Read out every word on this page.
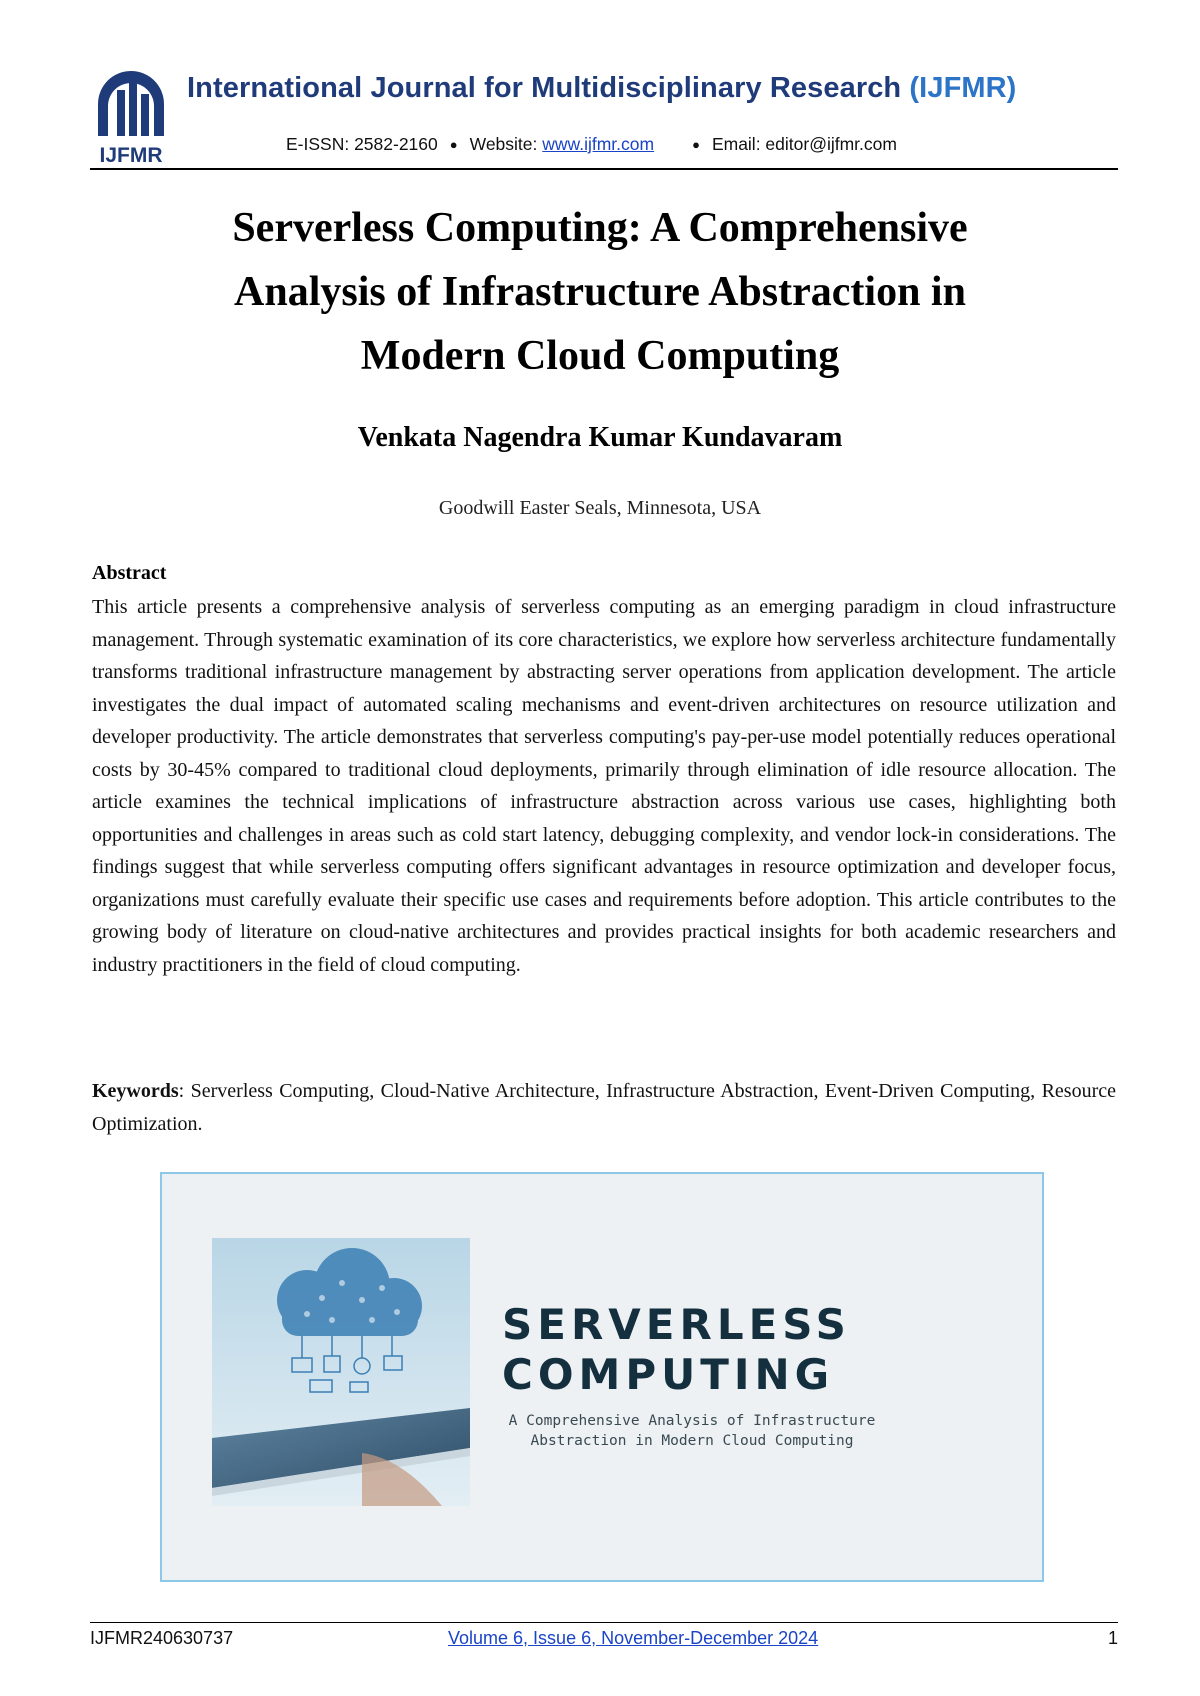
IJFMR
International Journal for Multidisciplinary Research (IJFMR)
E-ISSN: 2582-2160 ● Website: www.ijfmr.com	● Email: editor@ijfmr.com
Serverless Computing: A Comprehensive
Analysis of Infrastructure Abstraction in
Modern Cloud Computing
Venkata Nagendra Kumar Kundavaram
Goodwill Easter Seals, Minnesota, USA
Abstract
This article presents a comprehensive analysis of serverless computing as an emerging paradigm in cloud infrastructure management. Through systematic examination of its core characteristics, we explore how serverless architecture fundamentally transforms traditional infrastructure management by abstracting server operations from application development. The article investigates the dual impact of automated scaling mechanisms and event-driven architectures on resource utilization and developer productivity. The article demonstrates that serverless computing's pay-per-use model potentially reduces operational costs by 30-45% compared to traditional cloud deployments, primarily through elimination of idle resource allocation. The article examines the technical implications of infrastructure abstraction across various use cases, highlighting both opportunities and challenges in areas such as cold start latency, debugging complexity, and vendor lock-in considerations. The findings suggest that while serverless computing offers significant advantages in resource optimization and developer focus, organizations must carefully evaluate their specific use cases and requirements before adoption. This article contributes to the growing body of literature on cloud-native architectures and provides practical insights for both academic researchers and industry practitioners in the field of cloud computing.
Keywords: Serverless Computing, Cloud-Native Architecture, Infrastructure Abstraction, Event-Driven Computing, Resource Optimization.
SERVERLESS
COMPUTING
A Comprehensive Analysis of Infrastructure Abstraction in Modern Cloud Computing
IJFMR240630737	Volume 6, Issue 6, November-December 2024	1
